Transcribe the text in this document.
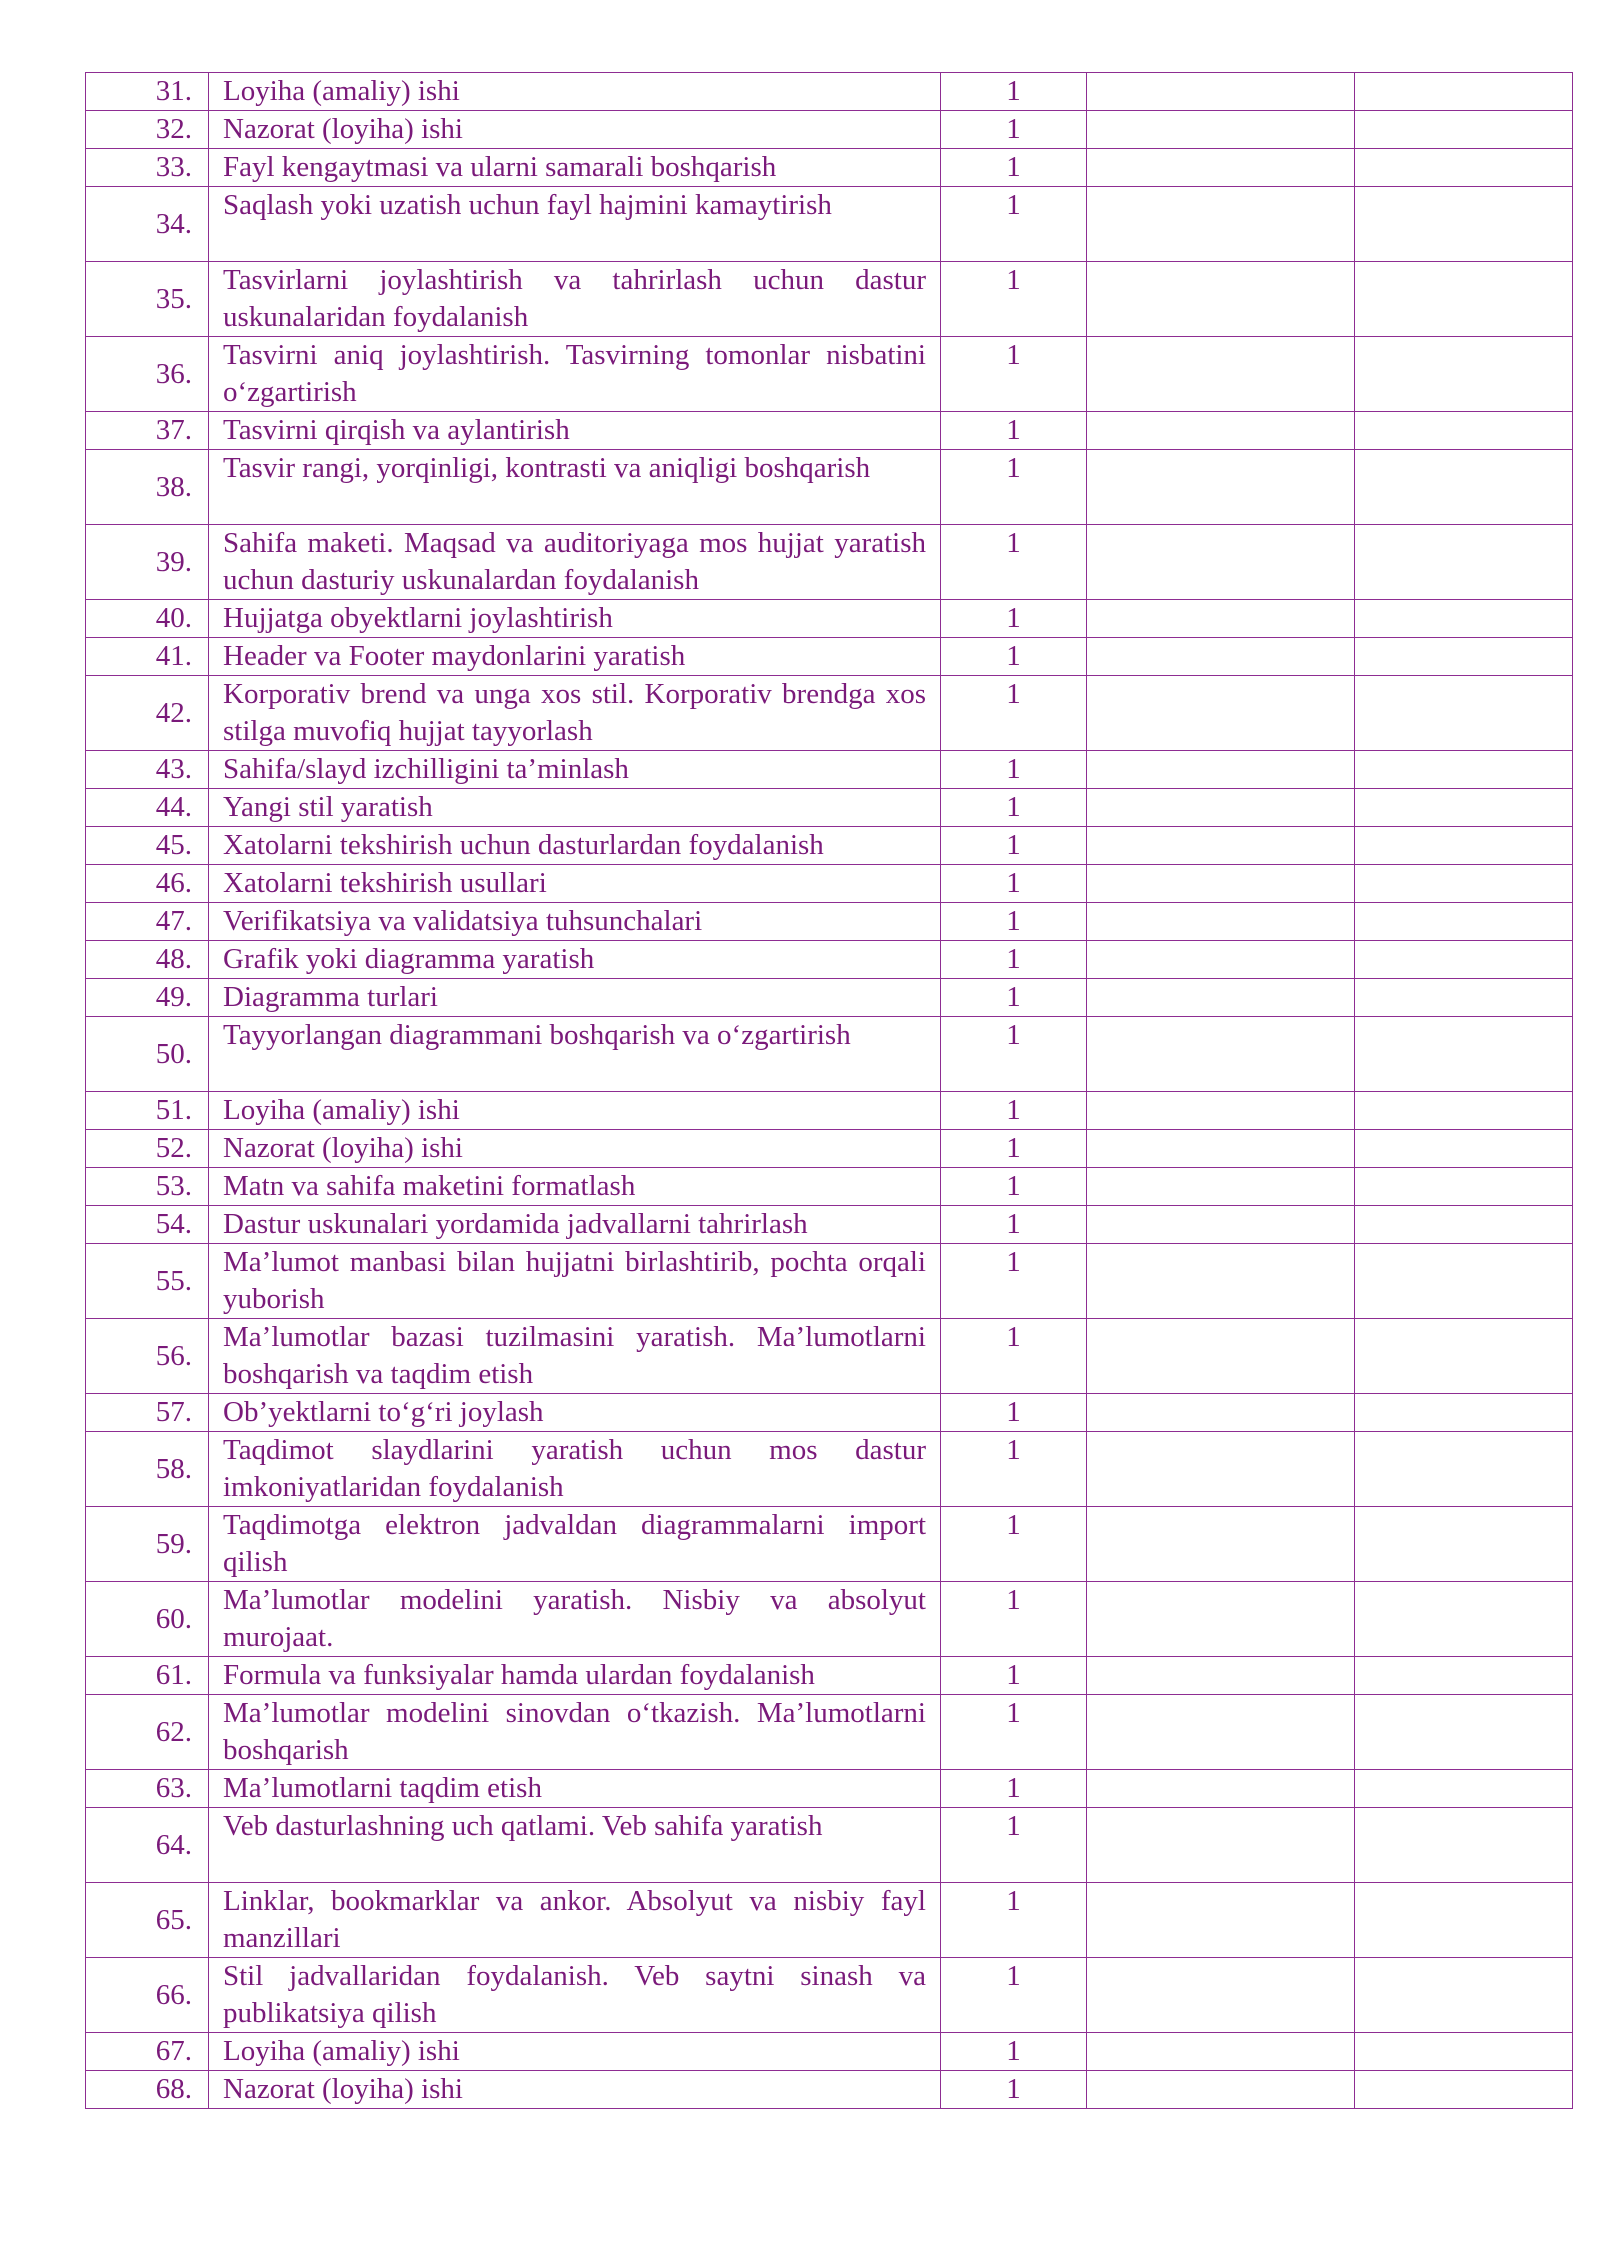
31.	Loyiha (amaliy) ishi	1		
32.	Nazorat (loyiha) ishi	1		
33.	Fayl kengaytmasi va ularni samarali boshqarish	1		
34.	Saqlash yoki uzatish uchun fayl hajmini kamaytirish	1		
35.	Tasvirlarni joylashtirish va tahrirlash uchun dastur uskunalaridan foydalanish	1		
36.	Tasvirni aniq joylashtirish. Tasvirning tomonlar nisbatini o‘zgartirish	1		
37.	Tasvirni qirqish va aylantirish	1		
38.	Tasvir rangi, yorqinligi, kontrasti va aniqligi boshqarish	1		
39.	Sahifa maketi. Maqsad va auditoriyaga mos hujjat yaratish uchun dasturiy uskunalardan foydalanish	1		
40.	Hujjatga obyektlarni joylashtirish	1		
41.	Header va Footer maydonlarini yaratish	1		
42.	Korporativ brend va unga xos stil. Korporativ brendga xos stilga muvofiq hujjat tayyorlash	1		
43.	Sahifa/slayd izchilligini ta’minlash	1		
44.	Yangi stil yaratish	1		
45.	Xatolarni tekshirish uchun dasturlardan foydalanish	1		
46.	Xatolarni tekshirish usullari	1		
47.	Verifikatsiya va validatsiya tuhsunchalari	1		
48.	Grafik yoki diagramma yaratish	1		
49.	Diagramma turlari	1		
50.	Tayyorlangan diagrammani boshqarish va o‘zgartirish	1		
51.	Loyiha (amaliy) ishi	1		
52.	Nazorat (loyiha) ishi	1		
53.	Matn va sahifa maketini formatlash	1		
54.	Dastur uskunalari yordamida jadvallarni tahrirlash	1		
55.	Ma’lumot manbasi bilan hujjatni birlashtirib, pochta orqali yuborish	1		
56.	Ma’lumotlar bazasi tuzilmasini yaratish. Ma’lumotlarni boshqarish va taqdim etish	1		
57.	Ob’yektlarni to‘g‘ri joylash	1		
58.	Taqdimot slaydlarini yaratish uchun mos dastur imkoniyatlaridan foydalanish	1		
59.	Taqdimotga elektron jadvaldan diagrammalarni import qilish	1		
60.	Ma’lumotlar modelini yaratish. Nisbiy va absolyut murojaat.	1		
61.	Formula va funksiyalar hamda ulardan foydalanish	1		
62.	Ma’lumotlar modelini sinovdan o‘tkazish. Ma’lumotlarni boshqarish	1		
63.	Ma’lumotlarni taqdim etish	1		
64.	Veb dasturlashning uch qatlami. Veb sahifa yaratish	1		
65.	Linklar, bookmarklar va ankor. Absolyut va nisbiy fayl manzillari	1		
66.	Stil jadvallaridan foydalanish. Veb saytni sinash va publikatsiya qilish	1		
67.	Loyiha (amaliy) ishi	1		
68.	Nazorat (loyiha) ishi	1		
